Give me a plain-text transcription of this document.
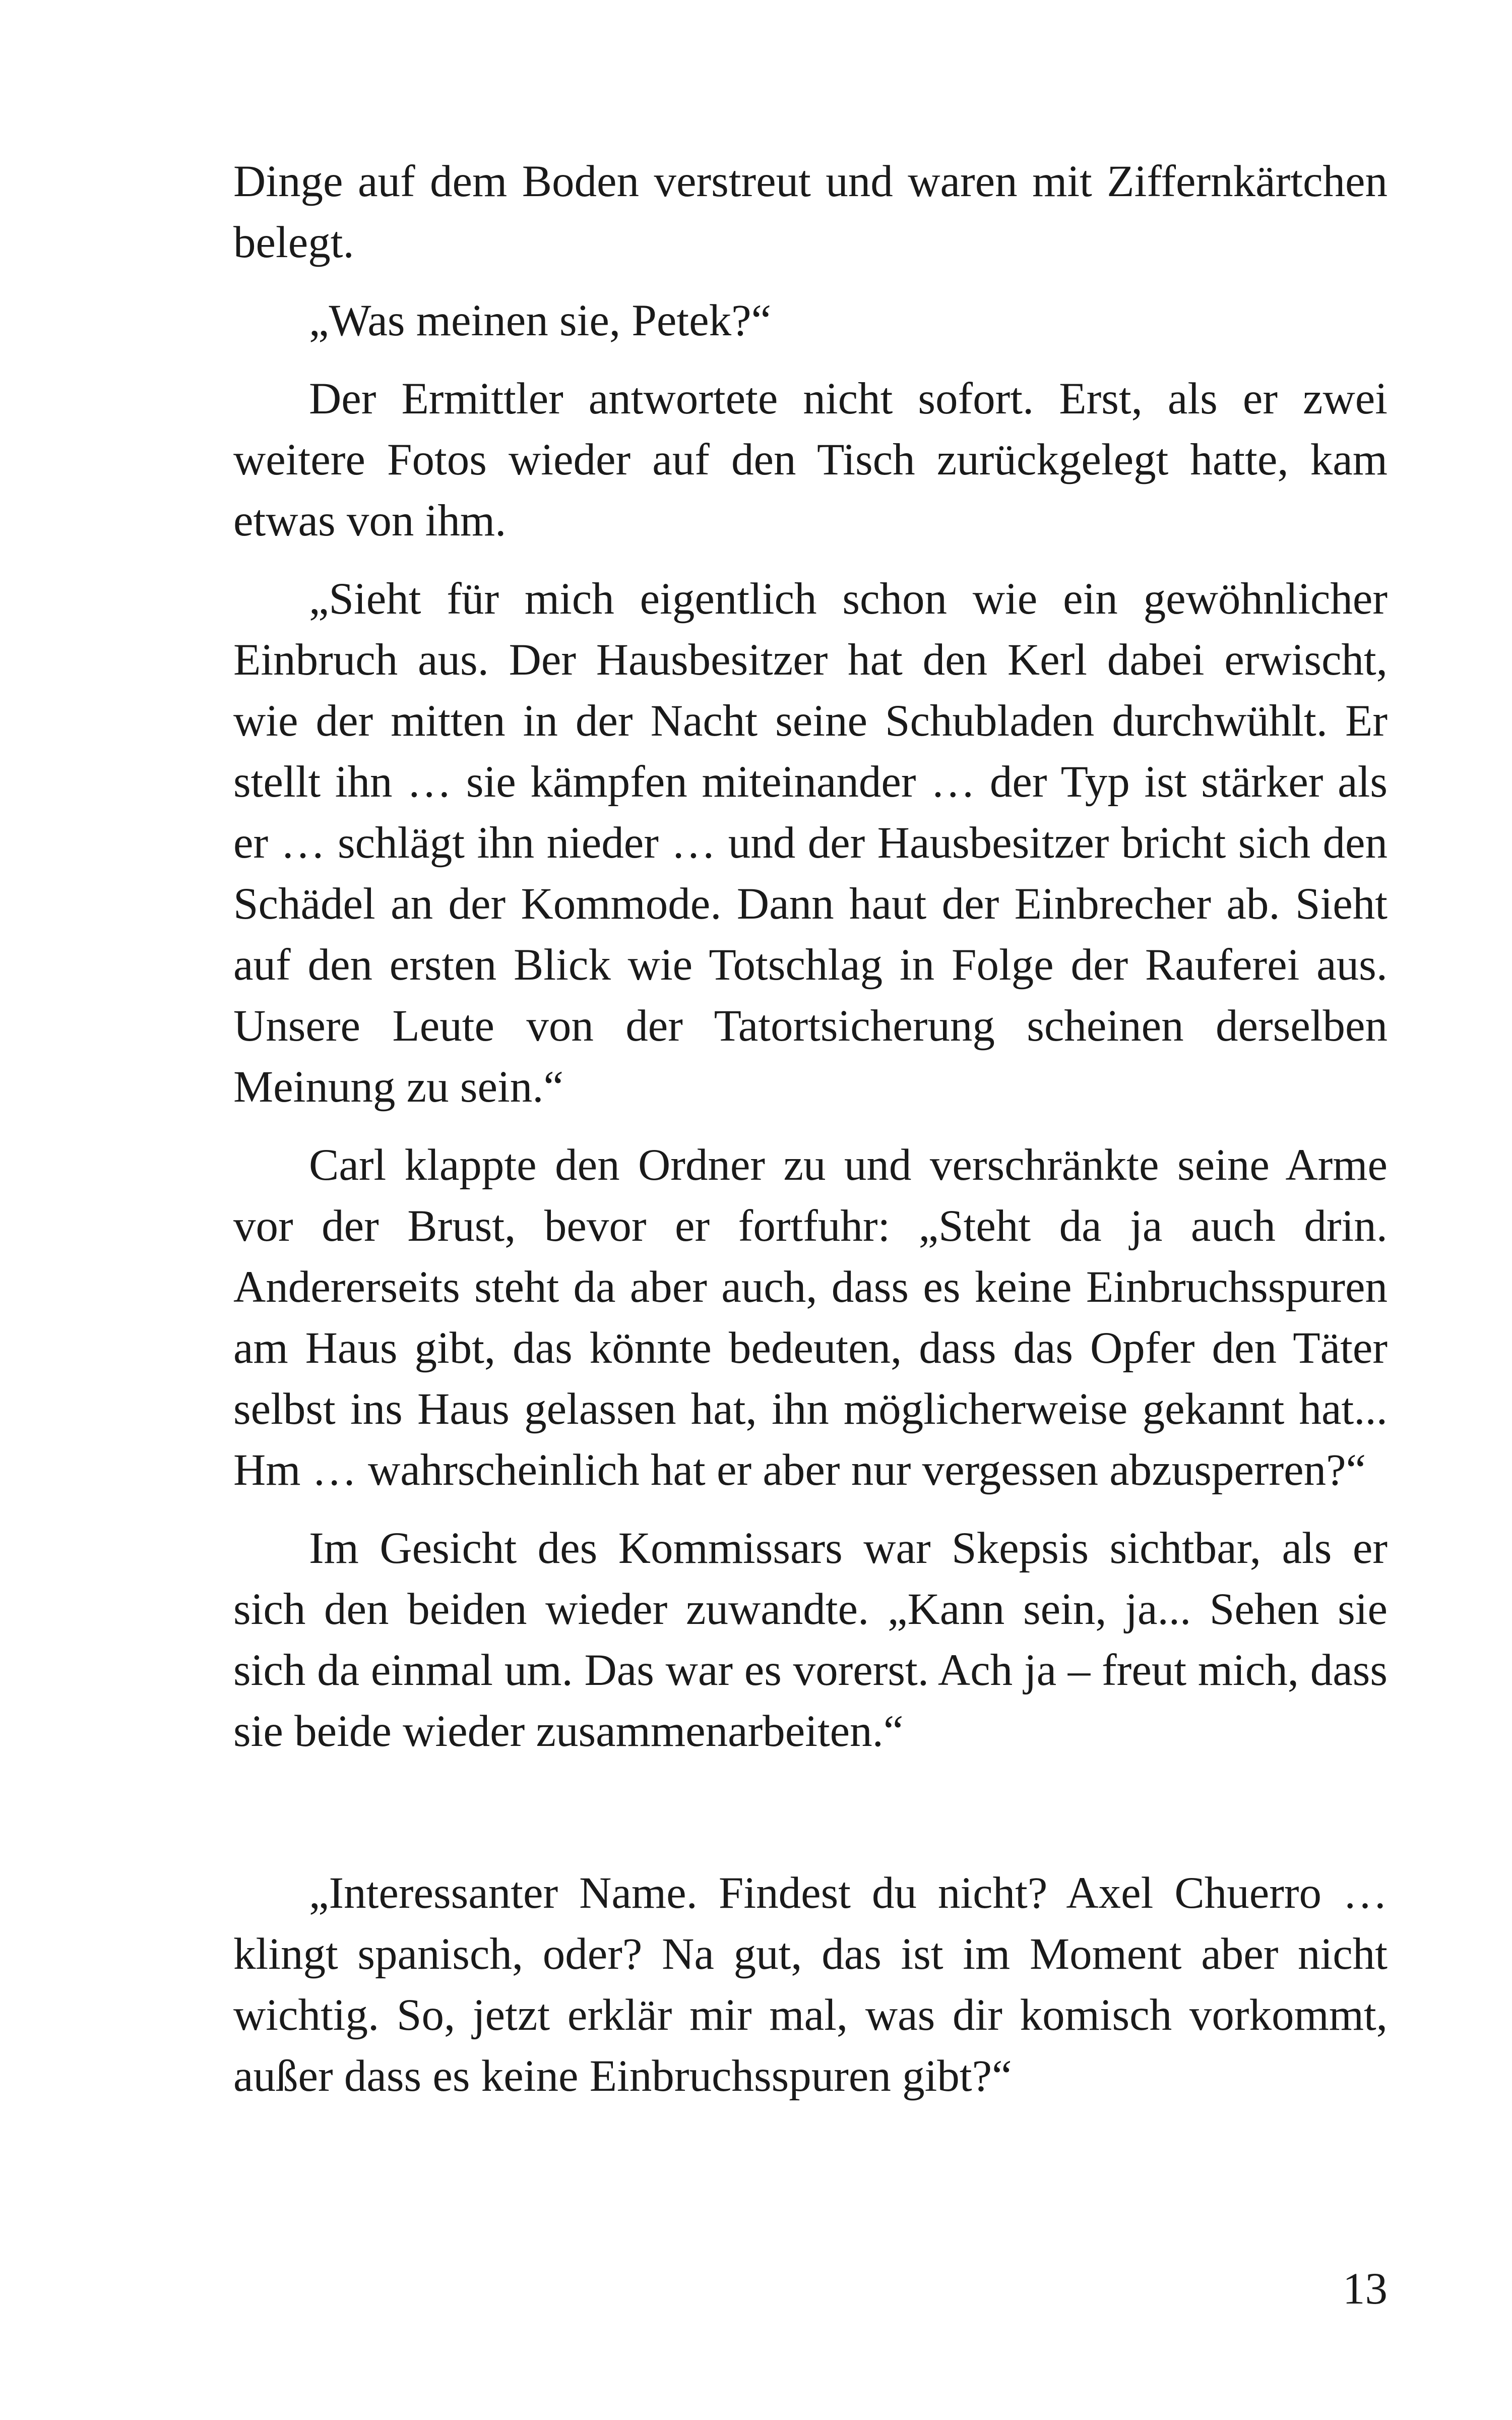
Dinge auf dem Boden verstreut und waren mit Ziffernkärtchen belegt.

„Was meinen sie, Petek?“

Der Ermittler antwortete nicht sofort. Erst, als er zwei weitere Fotos wieder auf den Tisch zurückgelegt hatte, kam etwas von ihm.

„Sieht für mich eigentlich schon wie ein gewöhnlicher Einbruch aus. Der Hausbesitzer hat den Kerl dabei erwischt, wie der mitten in der Nacht seine Schubladen durchwühlt. Er stellt ihn … sie kämpfen miteinander … der Typ ist stärker als er … schlägt ihn nieder … und der Hausbesitzer bricht sich den Schädel an der Kommode. Dann haut der Einbrecher ab. Sieht auf den ersten Blick wie Totschlag in Folge der Rauferei aus. Unsere Leute von der Tatortsicherung scheinen derselben Meinung zu sein.“

Carl klappte den Ordner zu und verschränkte seine Arme vor der Brust, bevor er fortfuhr: „Steht da ja auch drin. Andererseits steht da aber auch, dass es keine Einbruchsspuren am Haus gibt, das könnte bedeuten, dass das Opfer den Täter selbst ins Haus gelassen hat, ihn möglicherweise gekannt hat... Hm … wahrscheinlich hat er aber nur vergessen abzusperren?“

Im Gesicht des Kommissars war Skepsis sichtbar, als er sich den beiden wieder zuwandte. „Kann sein, ja... Sehen sie sich da einmal um. Das war es vorerst. Ach ja – freut mich, dass sie beide wieder zusammenarbeiten.“

„Interessanter Name. Findest du nicht? Axel Chuerro … klingt spanisch, oder? Na gut, das ist im Moment aber nicht wichtig. So, jetzt erklär mir mal, was dir komisch vorkommt, außer dass es keine Einbruchsspuren gibt?“

13
